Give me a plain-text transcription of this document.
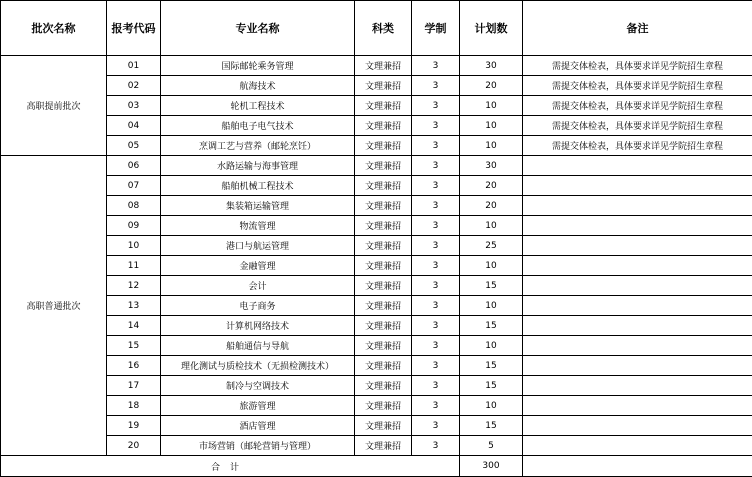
批次名称	报考代码	专业名称	科类	学制	计划数	备注
高职提前批次	01	国际邮轮乘务管理	文理兼招	3	30	需提交体检表，具体要求详见学院招生章程
	02	航海技术	文理兼招	3	20	需提交体检表，具体要求详见学院招生章程
	03	轮机工程技术	文理兼招	3	10	需提交体检表，具体要求详见学院招生章程
	04	船舶电子电气技术	文理兼招	3	10	需提交体检表，具体要求详见学院招生章程
	05	烹调工艺与营养（邮轮烹饪）	文理兼招	3	10	需提交体检表，具体要求详见学院招生章程
高职普通批次	06	水路运输与海事管理	文理兼招	3	30	
	07	船舶机械工程技术	文理兼招	3	20	
	08	集装箱运输管理	文理兼招	3	20	
	09	物流管理	文理兼招	3	10	
	10	港口与航运管理	文理兼招	3	25	
	11	金融管理	文理兼招	3	10	
	12	会计	文理兼招	3	15	
	13	电子商务	文理兼招	3	10	
	14	计算机网络技术	文理兼招	3	15	
	15	船舶通信与导航	文理兼招	3	10	
	16	理化测试与质检技术（无损检测技术）	文理兼招	3	15	
	17	制冷与空调技术	文理兼招	3	15	
	18	旅游管理	文理兼招	3	10	
	19	酒店管理	文理兼招	3	15	
	20	市场营销（邮轮营销与管理）	文理兼招	3	5	
合计					300	
